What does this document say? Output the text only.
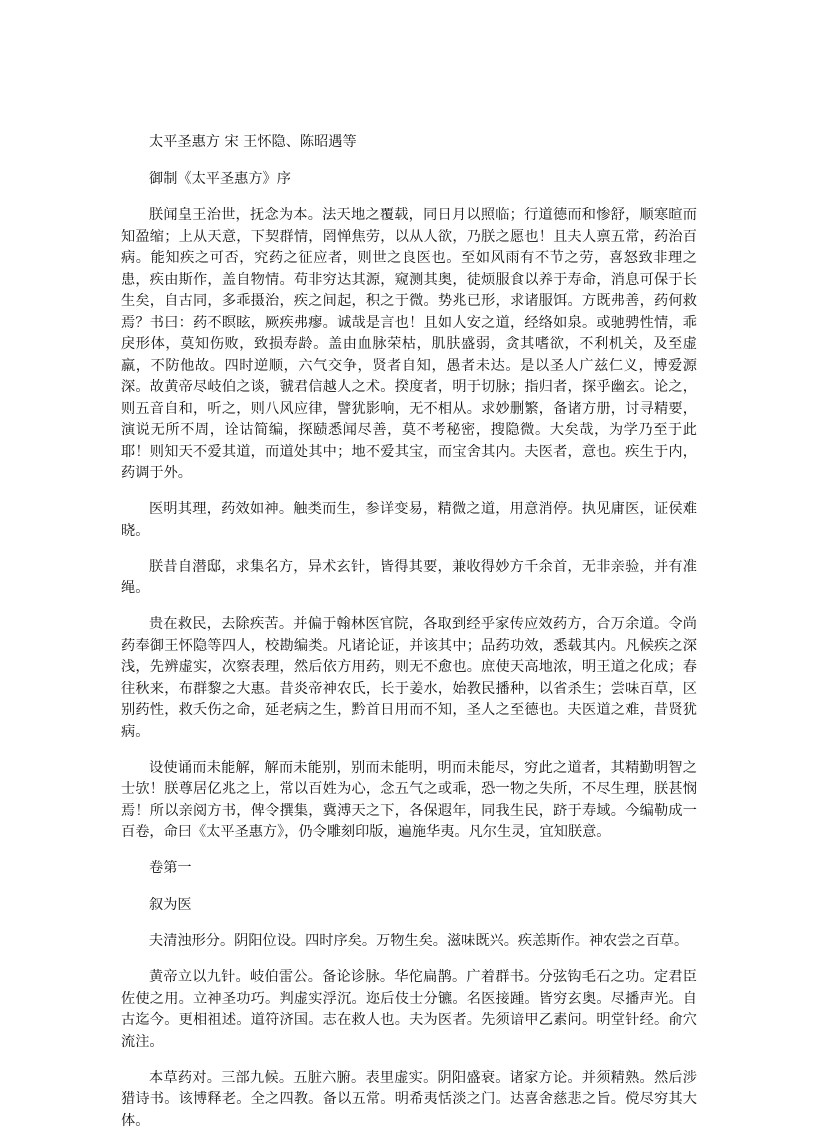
太平圣惠方 宋 王怀隐、陈昭遇等

御制《太平圣惠方》序

朕闻皇王治世，抚念为本。法天地之覆载，同日月以照临；行道德而和惨舒，顺寒暄而知盈缩；上从天意，下契群情，罔惮焦劳，以从人欲，乃朕之愿也！且夫人禀五常，药治百病。能知疾之可否，究药之征应者，则世之良医也。至如风雨有不节之劳，喜怒致非理之患，疾由斯作，盖自物情。苟非穷达其源，窥测其奥，徒烦服食以养于寿命，消息可保于长生矣，自古同，多乖摄治，疾之间起，积之于微。势兆已形，求诸服饵。方既弗善，药何救焉？书曰：药不瞑眩，厥疾弗瘳。诚哉是言也！且如人安之道，经络如泉。或驰骋性情，乖戾形体，莫知伤败，致损寿龄。盖由血脉荣枯，肌肤盛弱，贪其嗜欲，不利机关，及至虚羸，不防他故。四时逆顺，六气交争，贤者自知，愚者未达。是以圣人广兹仁义，博爱源深。故黄帝尽岐伯之谈，虢君信越人之术。揆度者，明于切脉；指归者，探乎幽玄。论之，则五音自和，听之，则八风应律，譬犹影响，无不相从。求妙删繁，备诸方册，讨寻精要，演说无所不周，诠诂简编，探赜悉闻尽善，莫不考秘密，搜隐微。大矣哉，为学乃至于此耶！则知天不爱其道，而道处其中；地不爱其宝，而宝舍其内。夫医者，意也。疾生于内，药调于外。

医明其理，药效如神。触类而生，参详变易，精微之道，用意消停。执见庸医，证侯难晓。

朕昔自潜邸，求集名方，异术玄针，皆得其要，兼收得妙方千余首，无非亲验，并有准绳。

贵在救民，去除疾苦。并偏于翰林医官院，各取到经乎家传应效药方，合万余道。令尚药奉御王怀隐等四人，校勘编类。凡诸论证，并该其中；品药功效，悉载其内。凡候疾之深浅，先辨虚实，次察表理，然后依方用药，则无不愈也。庶使天高地浓，明王道之化成；春往秋来，布群黎之大惠。昔炎帝神农氏，长于姜水，始教民播种，以省杀生；尝味百草，区别药性，救夭伤之命，延老病之生，黔首日用而不知，圣人之至德也。夫医道之难，昔贤犹病。

设使诵而未能解，解而未能别，别而未能明，明而未能尽，穷此之道者，其精勤明智之士欤！朕尊居亿兆之上，常以百姓为心，念五气之或乖，恐一物之失所，不尽生理，朕甚悯焉！所以亲阅方书，俾令撰集，冀溥天之下，各保遐年，同我生民，跻于寿域。今编勒成一百卷，命曰《太平圣惠方》，仍令雕刻印版，遍施华夷。凡尔生灵，宜知朕意。

卷第一

叙为医

夫清浊形分。阴阳位设。四时序矣。万物生矣。滋味既兴。疾恙斯作。神农尝之百草。

黄帝立以九针。岐伯雷公。备论诊脉。华佗扁鹊。广着群书。分弦钩毛石之功。定君臣佐使之用。立神圣功巧。判虚实浮沉。迩后伎士分镳。名医接踵。皆穷玄奥。尽播声光。自古迄今。更相祖述。道符济国。志在救人也。夫为医者。先须谙甲乙素问。明堂针经。俞穴流注。

本草药对。三部九候。五脏六腑。表里虚实。阴阳盛衰。诸家方论。并须精熟。然后涉猎诗书。该博释老。全之四教。备以五常。明希夷恬淡之门。达喜舍慈悲之旨。傥尽穷其大体。
